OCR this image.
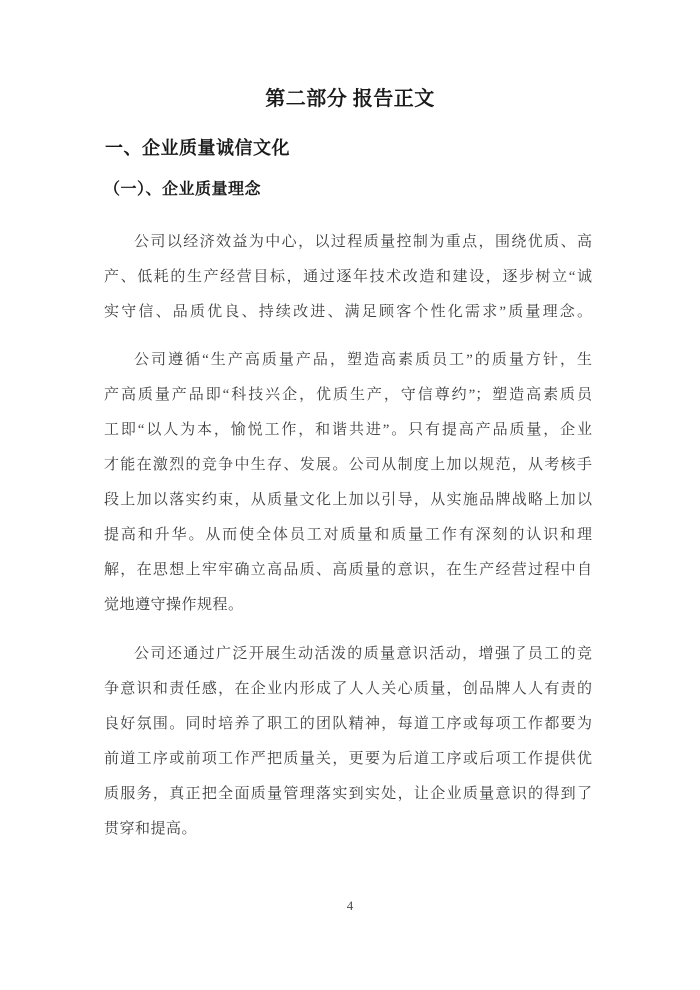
第二部分 报告正文
一、企业质量诚信文化
（一）、企业质量理念

公司以经济效益为中心，以过程质量控制为重点，围绕优质、高
产、低耗的生产经营目标，通过逐年技术改造和建设，逐步树立“诚
实守信、品质优良、持续改进、满足顾客个性化需求”质量理念。

公司遵循“生产高质量产品，塑造高素质员工”的质量方针，生
产高质量产品即“科技兴企，优质生产，守信尊约”；塑造高素质员
工即“以人为本，愉悦工作，和谐共进”。只有提高产品质量，企业
才能在激烈的竞争中生存、发展。公司从制度上加以规范，从考核手
段上加以落实约束，从质量文化上加以引导，从实施品牌战略上加以
提高和升华。从而使全体员工对质量和质量工作有深刻的认识和理
解，在思想上牢牢确立高品质、高质量的意识，在生产经营过程中自
觉地遵守操作规程。

公司还通过广泛开展生动活泼的质量意识活动，增强了员工的竞
争意识和责任感，在企业内形成了人人关心质量，创品牌人人有责的
良好氛围。同时培养了职工的团队精神，每道工序或每项工作都要为
前道工序或前项工作严把质量关，更要为后道工序或后项工作提供优
质服务，真正把全面质量管理落实到实处，让企业质量意识的得到了
贯穿和提高。

4
